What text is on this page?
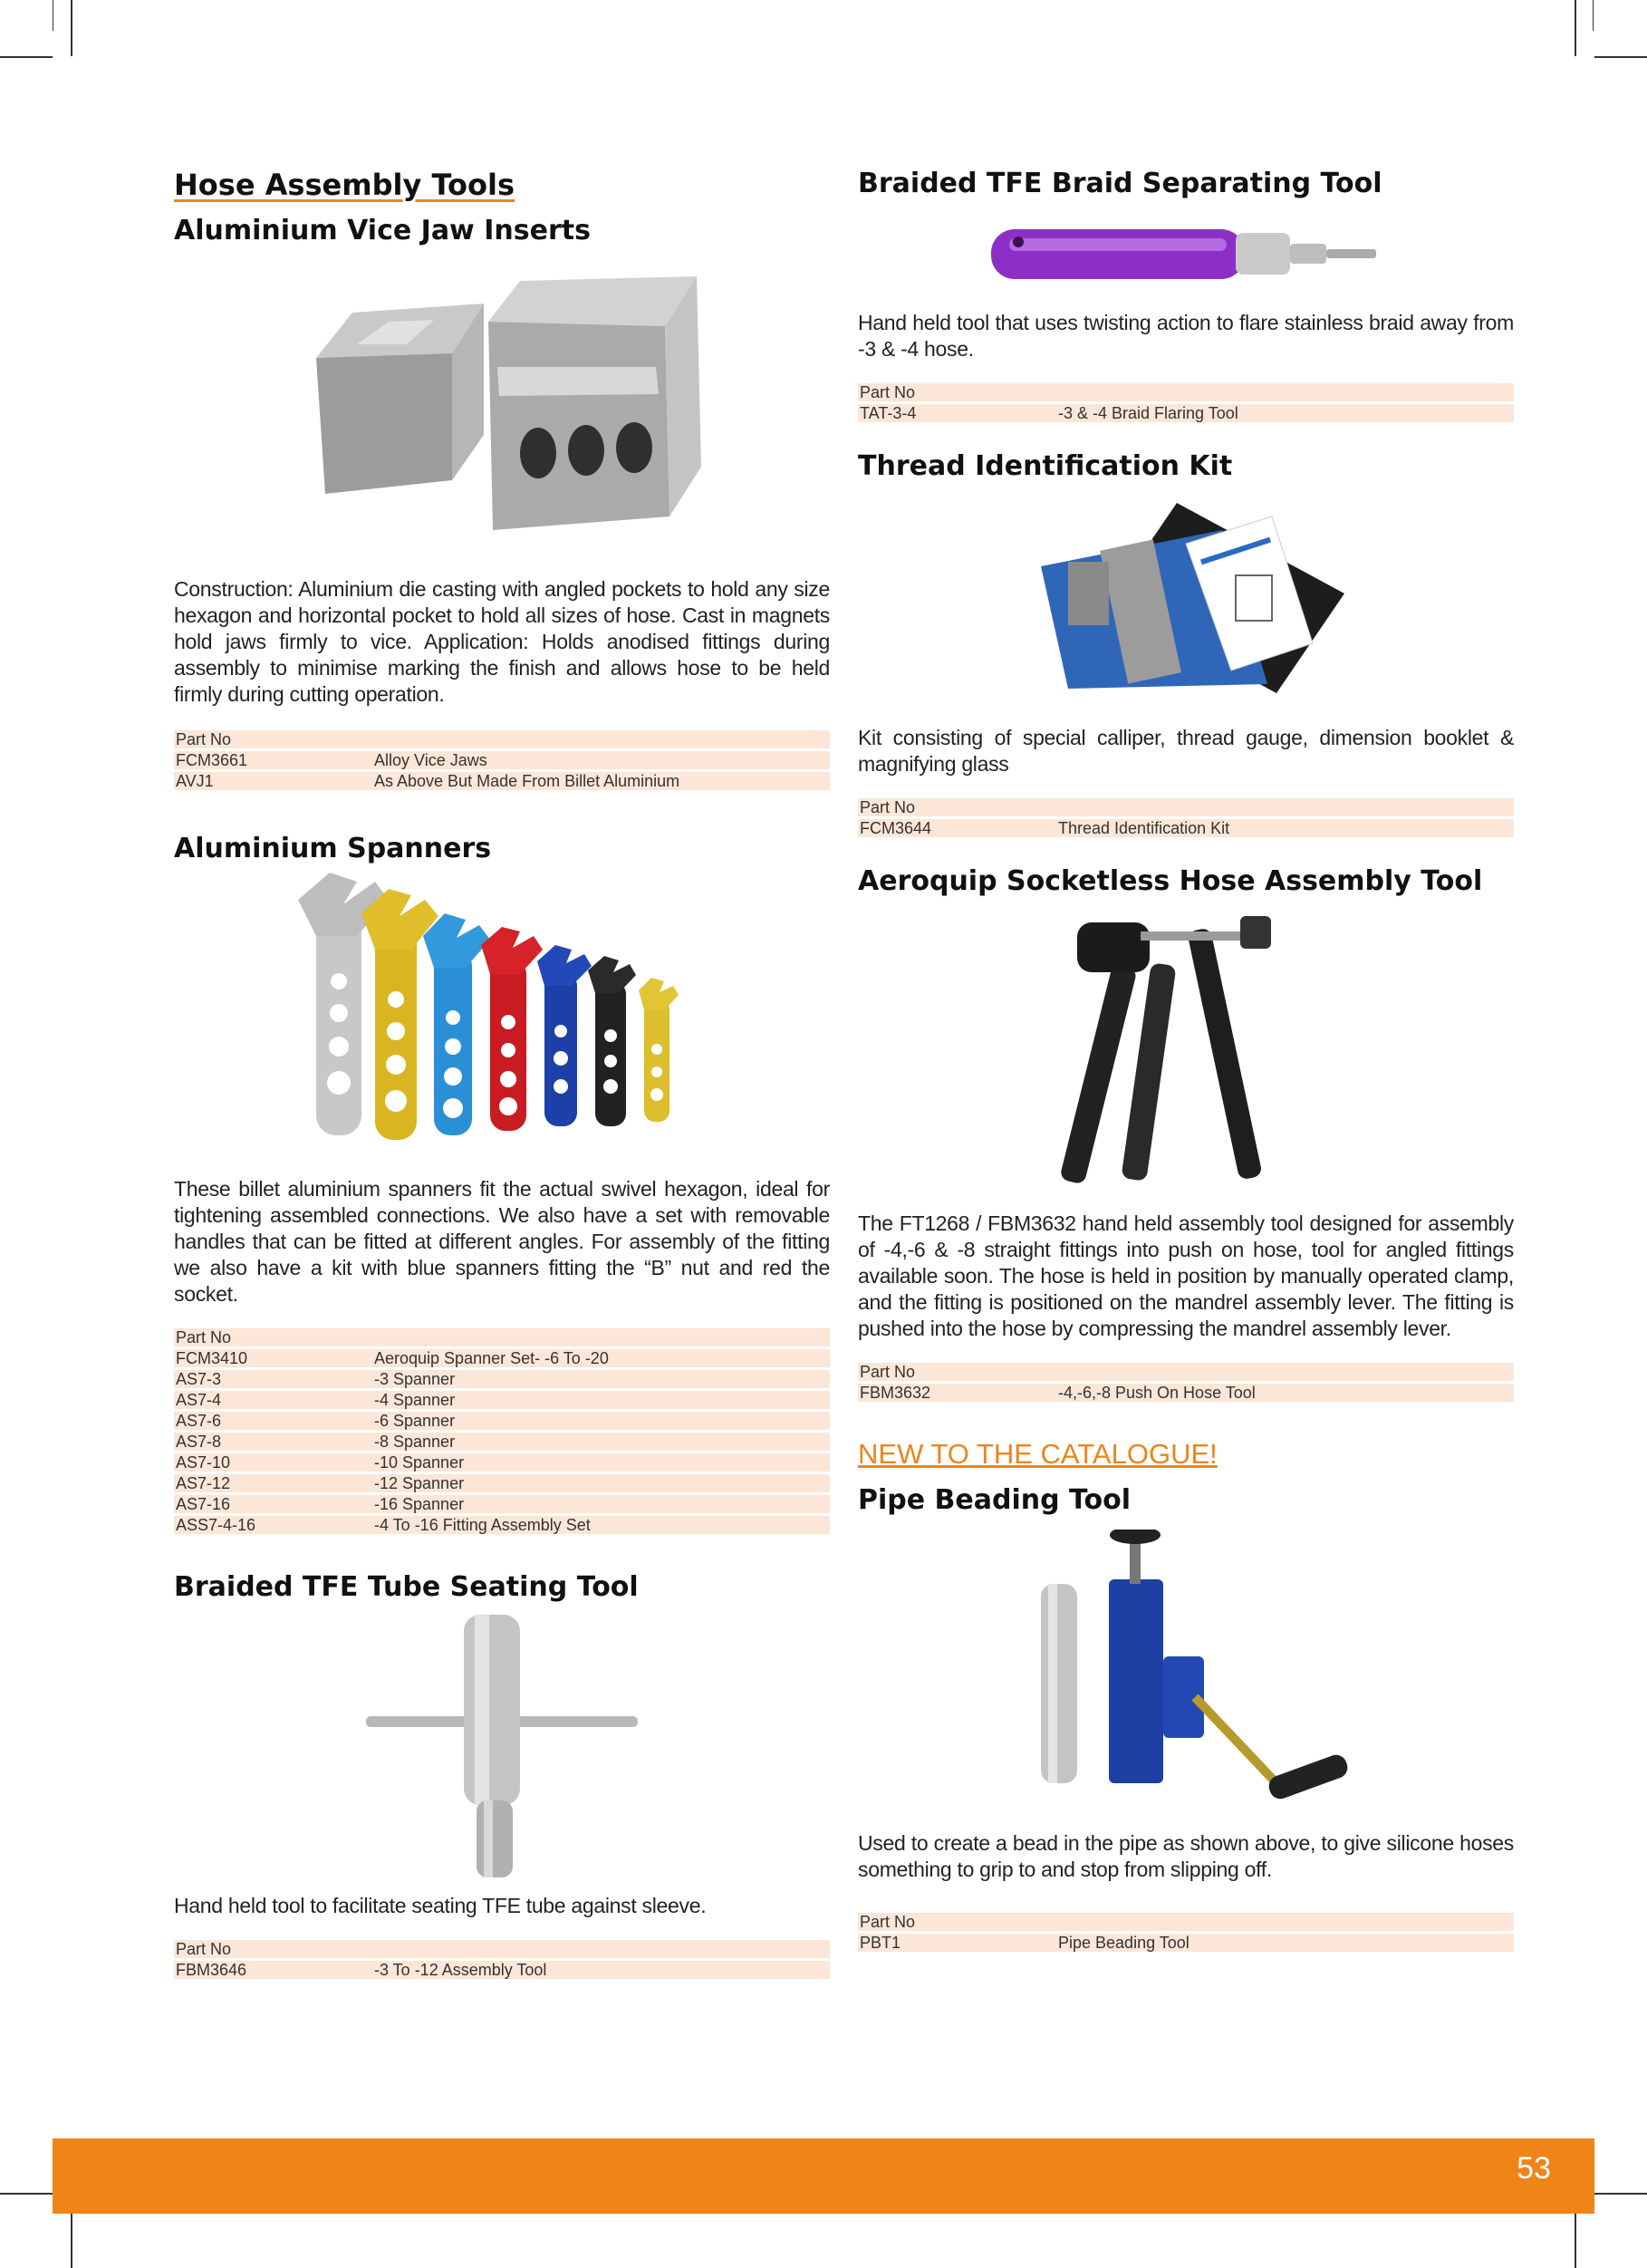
Hose Assembly Tools
Aluminium Vice Jaw Inserts

Construction: Aluminium die casting with angled pockets to hold any size hexagon and horizontal pocket to hold all sizes of hose. Cast in magnets hold jaws firmly to vice. Application: Holds anodised fittings during assembly to minimise marking the finish and allows hose to be held firmly during cutting operation.

Part No	
FCM3661	Alloy Vice Jaws
AVJ1	As Above But Made From Billet Aluminium
Aluminium Spanners

These billet aluminium spanners fit the actual swivel hexagon, ideal for tightening assembled connections. We also have a set with removable handles that can be fitted at different angles. For assembly of the fitting we also have a kit with blue spanners fitting the “B” nut and red the socket.

Part No	
FCM3410	Aeroquip Spanner Set- -6 To -20
AS7-3	-3 Spanner
AS7-4	-4 Spanner
AS7-6	-6 Spanner
AS7-8	-8 Spanner
AS7-10	-10 Spanner
AS7-12	-12 Spanner
AS7-16	-16 Spanner
ASS7-4-16	-4 To -16 Fitting Assembly Set
Braided TFE Tube Seating Tool

Hand held tool to facilitate seating TFE tube against sleeve.

Part No	
FBM3646	-3 To -12 Assembly Tool
Braided TFE Braid Separating Tool

Hand held tool that uses twisting action to flare stainless braid away from -3 & -4 hose.

Part No	
TAT-3-4	-3 & -4 Braid Flaring Tool
Thread Identification Kit

Kit consisting of special calliper, thread gauge, dimension booklet & magnifying glass

Part No	
FCM3644	Thread Identification Kit
Aeroquip Socketless Hose Assembly Tool

The FT1268 / FBM3632 hand held assembly tool designed for assembly of -4,-6 & -8 straight fittings into push on hose, tool for angled fittings available soon. The hose is held in position by manually operated clamp, and the fitting is positioned on the mandrel assembly lever. The fitting is pushed into the hose by compressing the mandrel assembly lever.

Part No	
FBM3632	-4,-6,-8 Push On Hose Tool
NEW TO THE CATALOGUE!
Pipe Beading Tool

Used to create a bead in the pipe as shown above, to give silicone hoses something to grip to and stop from slipping off.

Part No	
PBT1	Pipe Beading Tool
53
